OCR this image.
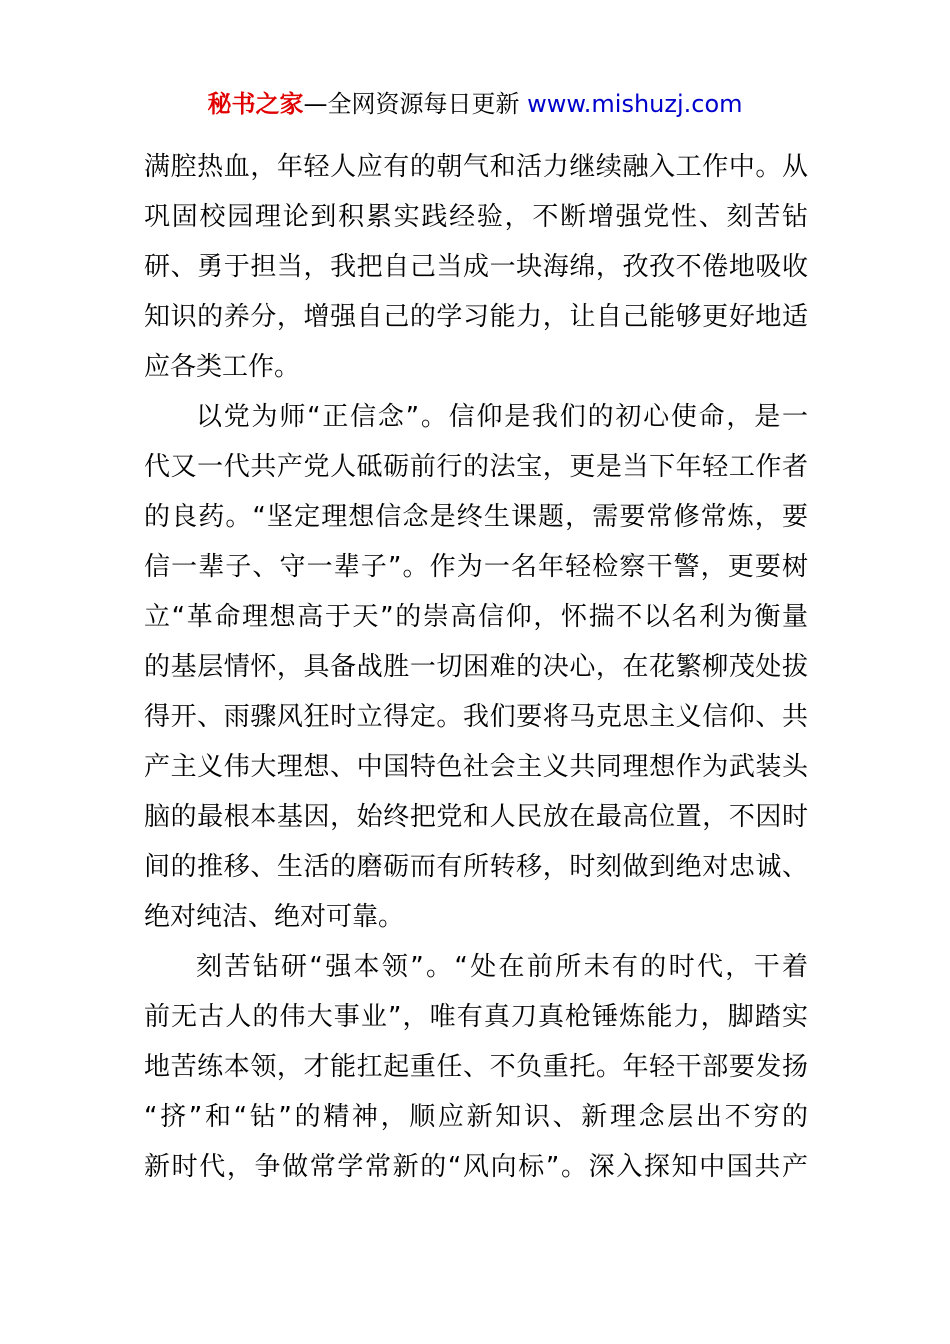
秘书之家—全网资源每日更新 www.mishuzj.com
满腔热血，年轻人应有的朝气和活力继续融入工作中。从
巩固校园理论到积累实践经验，不断增强党性、刻苦钻
研、勇于担当，我把自己当成一块海绵，孜孜不倦地吸收
知识的养分，增强自己的学习能力，让自己能够更好地适
应各类工作。
以党为师“正信念”。信仰是我们的初心使命，是一
代又一代共产党人砥砺前行的法宝，更是当下年轻工作者
的良药。“坚定理想信念是终生课题，需要常修常炼，要
信一辈子、守一辈子”。作为一名年轻检察干警，更要树
立“革命理想高于天”的崇高信仰，怀揣不以名利为衡量
的基层情怀，具备战胜一切困难的决心，在花繁柳茂处拔
得开、雨骤风狂时立得定。我们要将马克思主义信仰、共
产主义伟大理想、中国特色社会主义共同理想作为武装头
脑的最根本基因，始终把党和人民放在最高位置，不因时
间的推移、生活的磨砺而有所转移，时刻做到绝对忠诚、
绝对纯洁、绝对可靠。
刻苦钻研“强本领”。“处在前所未有的时代，干着
前无古人的伟大事业”，唯有真刀真枪锤炼能力，脚踏实
地苦练本领，才能扛起重任、不负重托。年轻干部要发扬
“挤”和“钻”的精神，顺应新知识、新理念层出不穷的
新时代，争做常学常新的“风向标”。深入探知中国共产
